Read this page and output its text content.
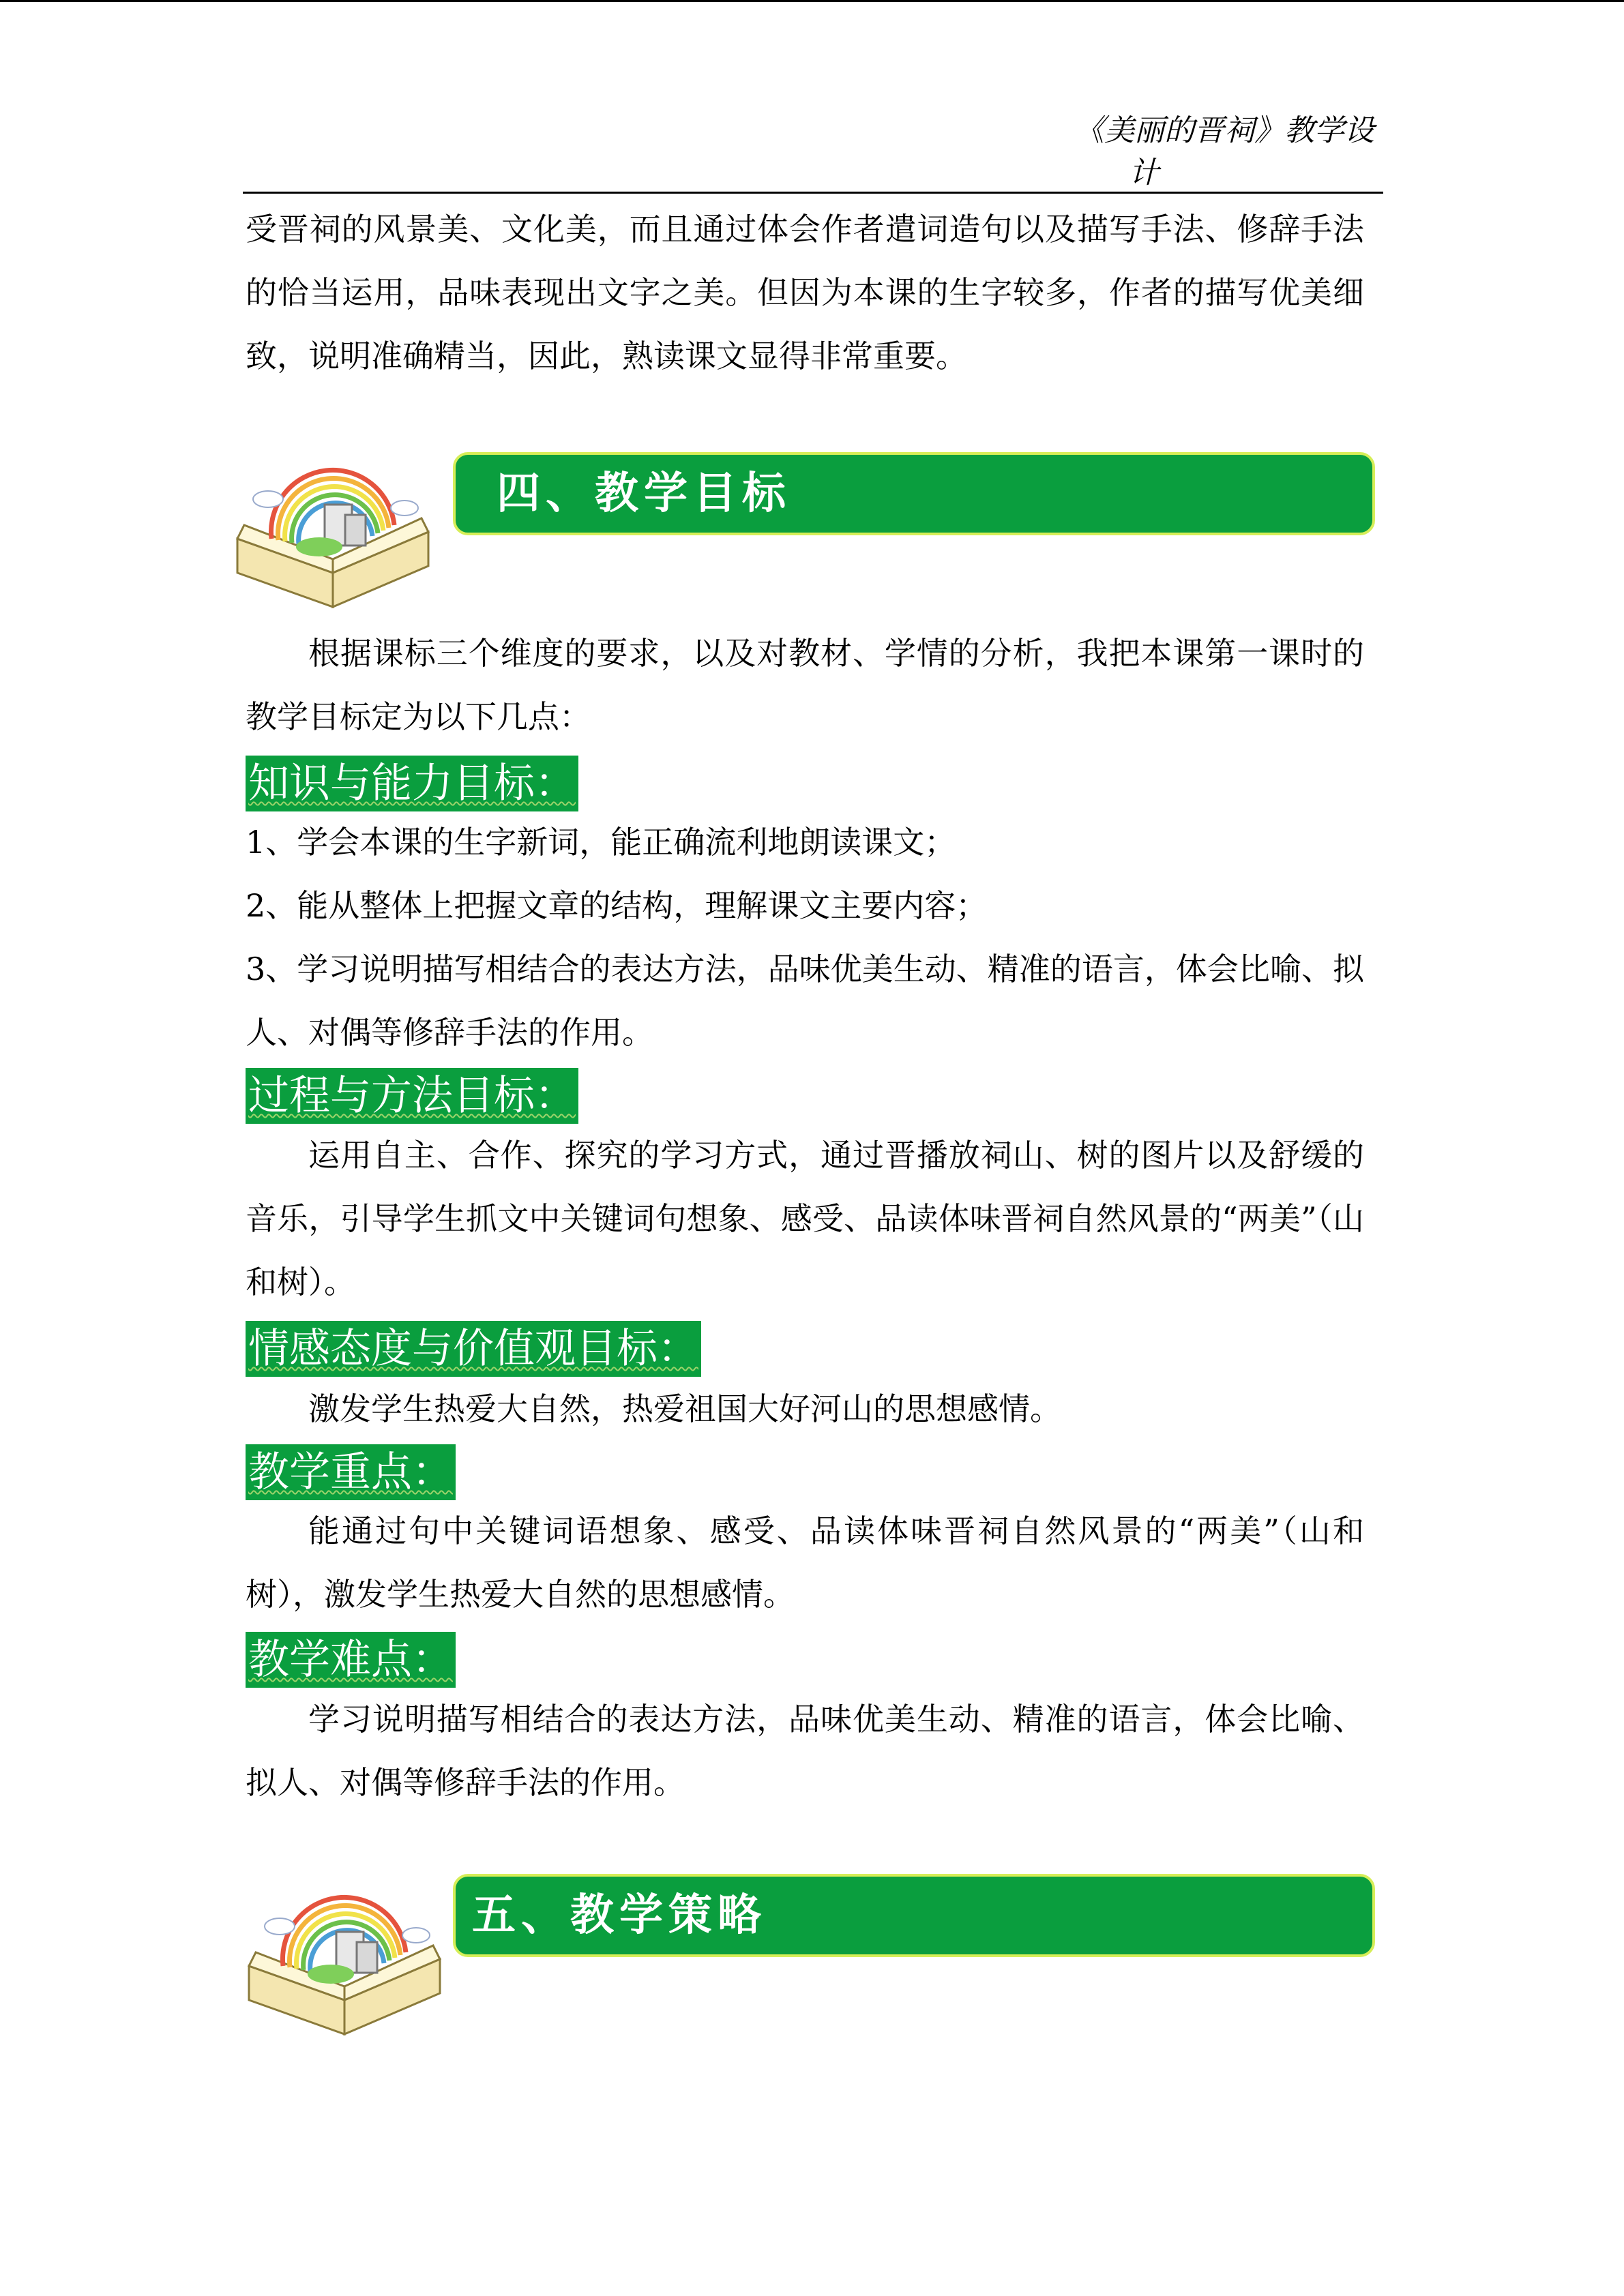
《美丽的晋祠》教学设
计

受晋祠的风景美、文化美，而且通过体会作者遣词造句以及描写手法、修辞手法的恰当运用，品味表现出文字之美。但因为本课的生字较多，作者的描写优美细致，说明准确精当，因此，熟读课文显得非常重要。

四、教学目标

根据课标三个维度的要求，以及对教材、学情的分析，我把本课第一课时的教学目标定为以下几点：

知识与能力目标：

1、学会本课的生字新词，能正确流利地朗读课文；

2、能从整体上把握文章的结构，理解课文主要内容；

3、学习说明描写相结合的表达方法，品味优美生动、精准的语言，体会比喻、拟人、对偶等修辞手法的作用。

过程与方法目标：

运用自主、合作、探究的学习方式，通过晋播放祠山、树的图片以及舒缓的音乐，引导学生抓文中关键词句想象、感受、品读体味晋祠自然风景的“两美”（山和树）。

情感态度与价值观目标：

激发学生热爱大自然，热爱祖国大好河山的思想感情。

教学重点：

能通过句中关键词语想象、感受、品读体味晋祠自然风景的“两美”（山和树），激发学生热爱大自然的思想感情。

教学难点：

学习说明描写相结合的表达方法，品味优美生动、精准的语言，体会比喻、拟人、对偶等修辞手法的作用。

五、教学策略
